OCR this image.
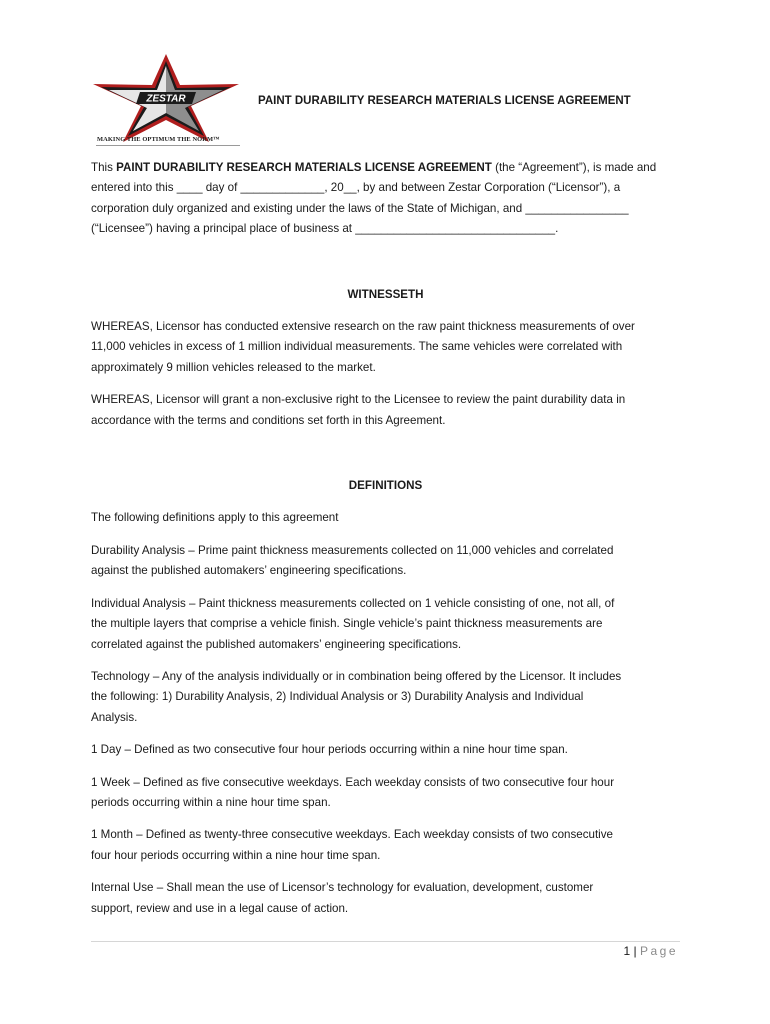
ZESTAR
MAKING THE OPTIMUM THE NORM™
PAINT DURABILITY RESEARCH MATERIALS LICENSE AGREEMENT

This PAINT DURABILITY RESEARCH MATERIALS LICENSE AGREEMENT (the “Agreement”), is made and
entered into this ____ day of _____________, 20__, by and between Zestar Corporation (“Licensor”), a
corporation duly organized and existing under the laws of the State of Michigan, and ________________
(“Licensee”) having a principal place of business at _______________________________.

WITNESSETH

WHEREAS, Licensor has conducted extensive research on the raw paint thickness measurements of over
11,000 vehicles in excess of 1 million individual measurements. The same vehicles were correlated with
approximately 9 million vehicles released to the market.

WHEREAS, Licensor will grant a non-exclusive right to the Licensee to review the paint durability data in
accordance with the terms and conditions set forth in this Agreement.

DEFINITIONS

The following definitions apply to this agreement

Durability Analysis – Prime paint thickness measurements collected on 11,000 vehicles and correlated
against the published automakers’ engineering specifications.

Individual Analysis – Paint thickness measurements collected on 1 vehicle consisting of one, not all, of
the multiple layers that comprise a vehicle finish. Single vehicle’s paint thickness measurements are
correlated against the published automakers’ engineering specifications.

Technology – Any of the analysis individually or in combination being offered by the Licensor. It includes
the following: 1) Durability Analysis, 2) Individual Analysis or 3) Durability Analysis and Individual
Analysis.

1 Day – Defined as two consecutive four hour periods occurring within a nine hour time span.

1 Week – Defined as five consecutive weekdays. Each weekday consists of two consecutive four hour
periods occurring within a nine hour time span.

1 Month – Defined as twenty-three consecutive weekdays. Each weekday consists of two consecutive
four hour periods occurring within a nine hour time span.

Internal Use – Shall mean the use of Licensor’s technology for evaluation, development, customer
support, review and use in a legal cause of action.

1 | Page
